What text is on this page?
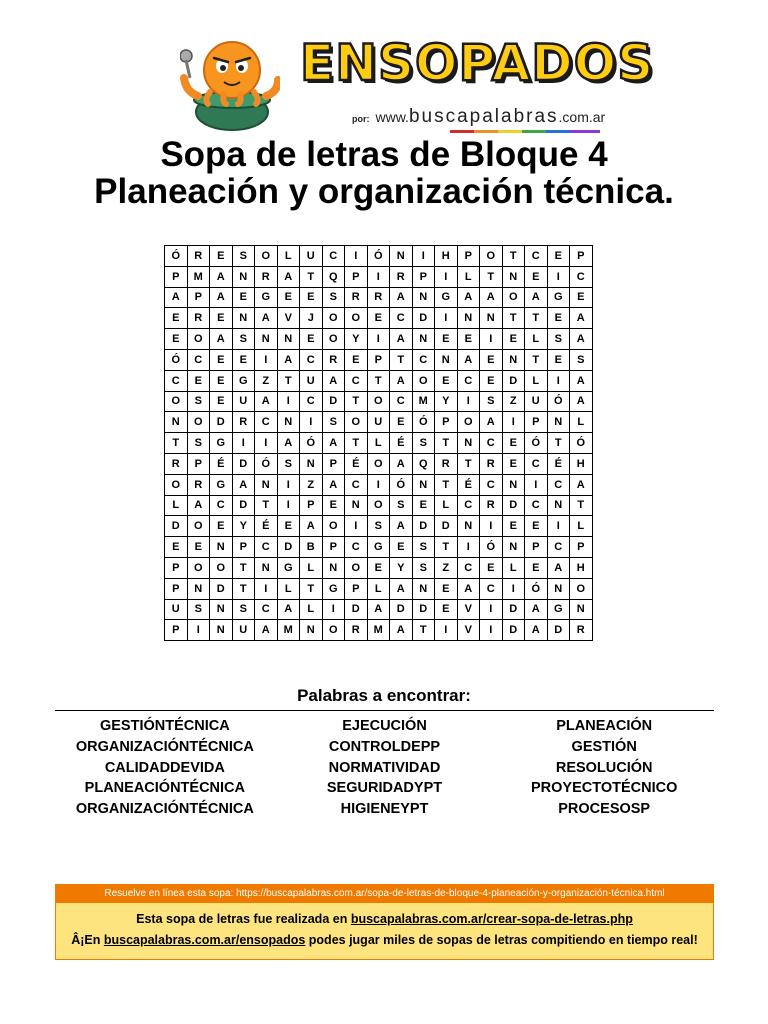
ENSOPADOS
por: www.buscapalabras.com.ar
Sopa de letras de Bloque 4
Planeación y organización técnica.
Ó	R	E	S	O	L	U	C	I	Ó	N	I	H	P	O	T	C	E	P
P	M	A	N	R	A	T	Q	P	I	R	P	I	L	T	N	E	I	C
A	P	A	E	G	E	E	S	R	R	A	N	G	A	A	O	A	G	E
E	R	E	N	A	V	J	O	O	E	C	D	I	N	N	T	T	E	A
E	O	A	S	N	N	E	O	Y	I	A	N	E	E	I	E	L	S	A
Ó	C	E	E	I	A	C	R	E	P	T	C	N	A	E	N	T	E	S
C	E	E	G	Z	T	U	A	C	T	A	O	E	C	E	D	L	I	A
O	S	E	U	A	I	C	D	T	O	C	M	Y	I	S	Z	U	Ó	A
N	O	D	R	C	N	I	S	O	U	E	Ó	P	O	A	I	P	N	L
T	S	G	I	I	A	Ó	A	T	L	É	S	T	N	C	E	Ó	T	Ó
R	P	É	D	Ó	S	N	P	É	O	A	Q	R	T	R	E	C	É	H
O	R	G	A	N	I	Z	A	C	I	Ó	N	T	É	C	N	I	C	A
L	A	C	D	T	I	P	E	N	O	S	E	L	C	R	D	C	N	T
D	O	E	Y	É	E	A	O	I	S	A	D	D	N	I	E	E	I	L
E	E	N	P	C	D	B	P	C	G	E	S	T	I	Ó	N	P	C	P
P	O	O	T	N	G	L	N	O	E	Y	S	Z	C	E	L	E	A	H
P	N	D	T	I	L	T	G	P	L	A	N	E	A	C	I	Ó	N	O
U	S	N	S	C	A	L	I	D	A	D	D	E	V	I	D	A	G	N
P	I	N	U	A	M	N	O	R	M	A	T	I	V	I	D	A	D	R
Palabras a encontrar:
GESTIÓNTÉCNICA
ORGANIZACIÓNTÉCNICA
CALIDADDEVIDA
PLANEACIÓNTÉCNICA
ORGANIZACIÓNTÉCNICA
EJECUCIÓN
CONTROLDEPP
NORMATIVIDAD
SEGURIDADYPT
HIGIENEYPT
PLANEACIÓN
GESTIÓN
RESOLUCIÓN
PROYECTOTÉCNICO
PROCESOSP
Resuelve en línea esta sopa: https://buscapalabras.com.ar/sopa-de-letras-de-bloque-4-planeación-y-organización-técnica.html
Esta sopa de letras fue realizada en buscapalabras.com.ar/crear-sopa-de-letras.php
Â¡En buscapalabras.com.ar/ensopados podes jugar miles de sopas de letras compitiendo en tiempo real!
